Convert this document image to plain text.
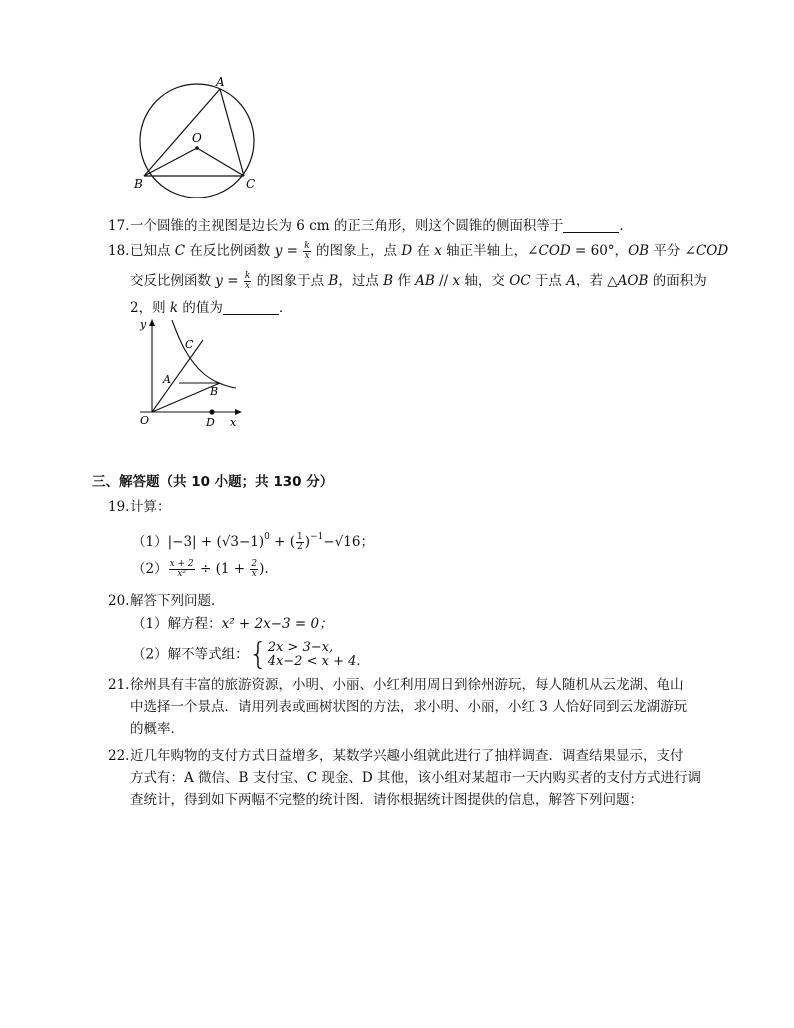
A
O
B	C
17.一个圆锥的主视图是边长为 6 cm 的正三角形，则这个圆锥的侧面积等于	．
18.已知点 C 在反比例函数 $y = \frac{k}{x}$ 的图象上，点 D 在 x 轴正半轴上，∠COD = 60°，OB 平分 ∠COD
交反比例函数 $y = \frac{k}{x}$ 的图象于点 B，过点 B 作 AB // x 轴，交 OC 于点 A，若 △AOB 的面积为
2，则 k 的值为	．
y
x
O
C
A
B
D
三、解答题（共 10 小题；共 130 分）
19.计算：
$(1)|-3| + (√3-1)^0$ + ( $\frac{1}{2} )^{-1}-√16$；
$(2) \frac{x + 2}{\text{x²}} \div (1 + \frac{2}{x}$ ).
20.解答下列问题．
（1）解方程：x² + 2x−3 = 0；
（2）解不等式组：{ 2x > 3−x,
4x−2 < x + 4.
21.徐州具有丰富的旅游资源，小明、小丽、小红利用周日到徐州游玩，每人随机从云龙湖、龟山
中选择一个景点．请用列表或画树状图的方法，求小明、小丽，小红 3 人恰好同到云龙湖游玩
的概率．
22.近几年购物的支付方式日益增多，某数学兴趣小组就此进行了抽样调查．调查结果显示，支付
方式有：A 微信、B 支付宝、C 现金、D 其他，该小组对某超市一天内购买者的支付方式进行调
查统计，得到如下两幅不完整的统计图．请你根据统计图提供的信息，解答下列问题：
